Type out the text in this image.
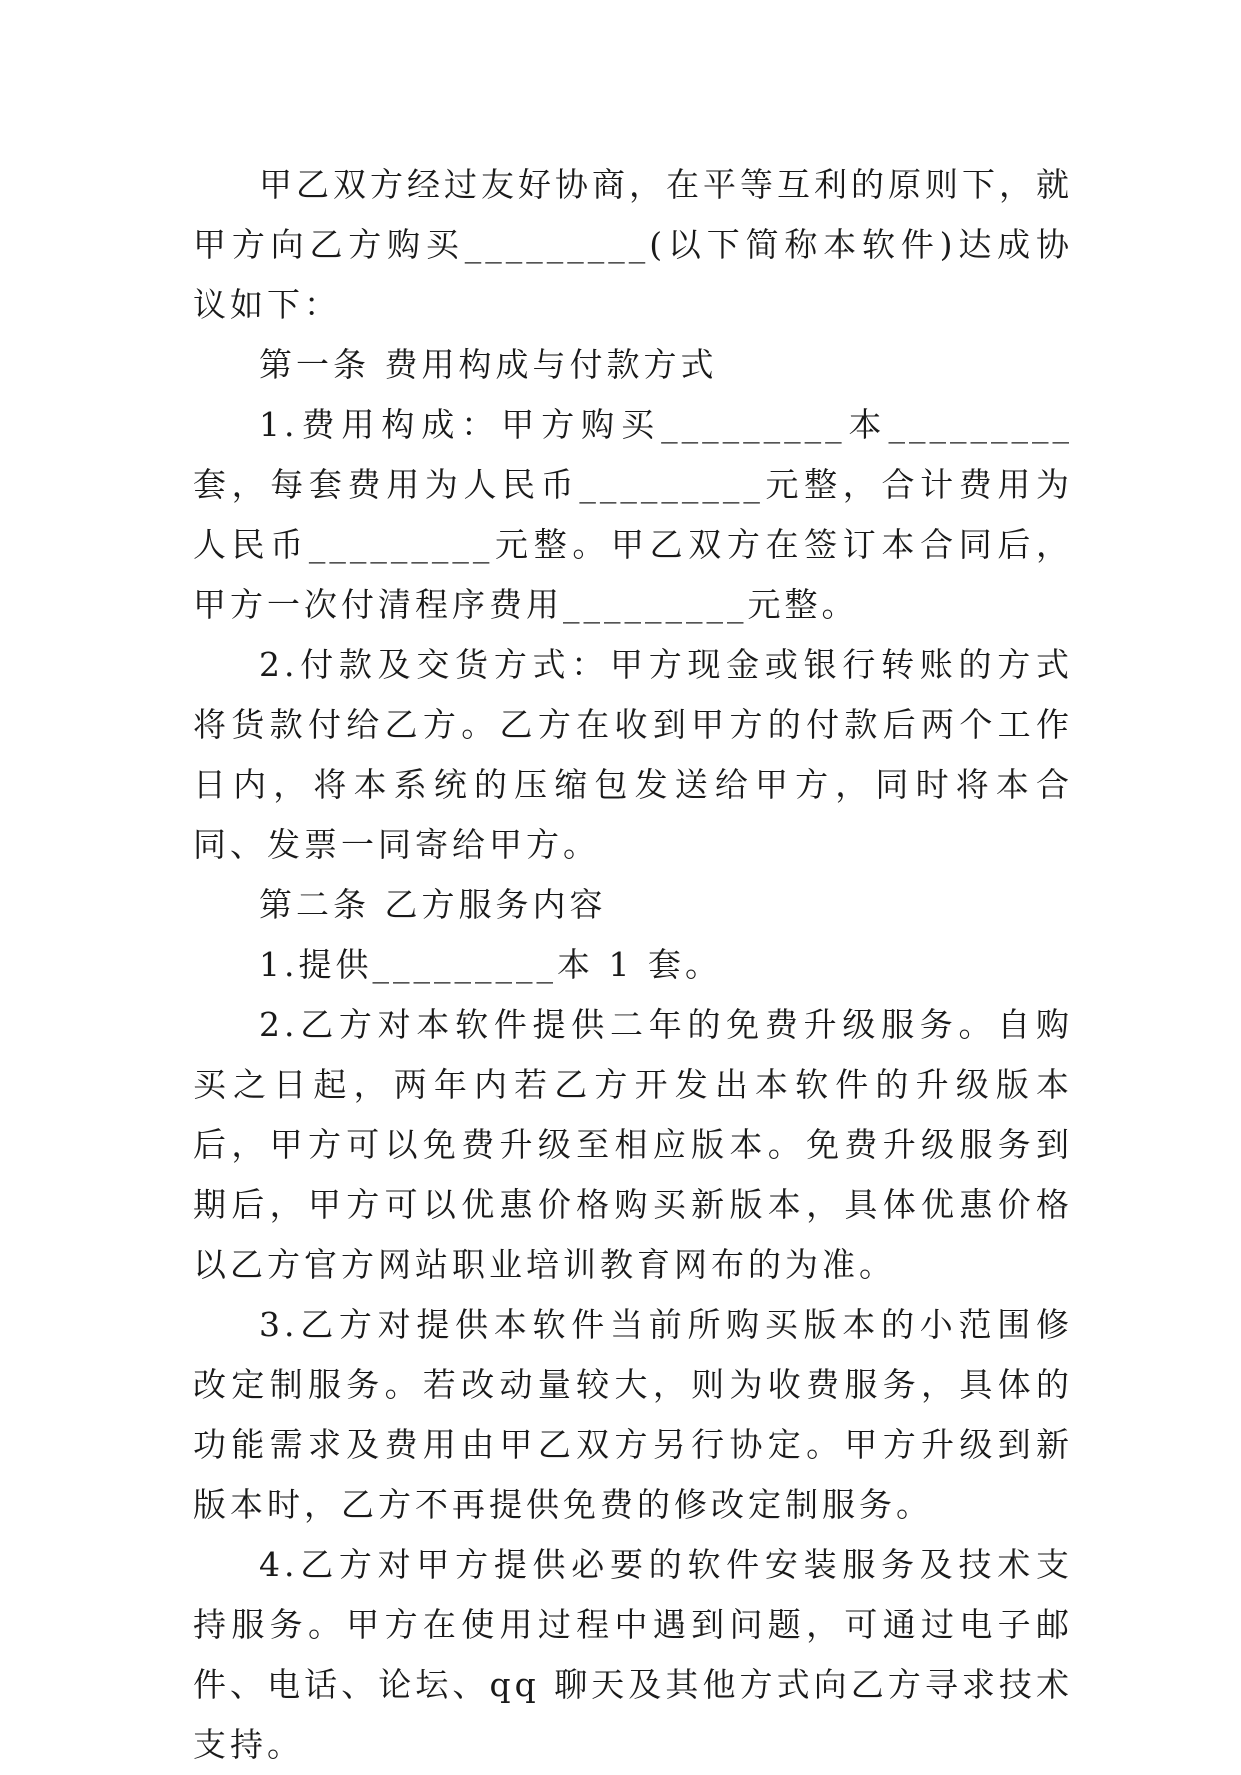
甲乙双方经过友好协商，在平等互利的原则下，就甲方向乙方购买_________(以下简称本软件)达成协议如下：

第一条 费用构成与付款方式

1.费用构成：甲方购买_________本_________套，每套费用为人民币_________元整，合计费用为人民币_________元整。甲乙双方在签订本合同后，甲方一次付清程序费用_________元整。

2.付款及交货方式：甲方现金或银行转账的方式将货款付给乙方。乙方在收到甲方的付款后两个工作日内，将本系统的压缩包发送给甲方，同时将本合同、发票一同寄给甲方。

第二条 乙方服务内容

1.提供_________本 1 套。

2.乙方对本软件提供二年的免费升级服务。自购买之日起，两年内若乙方开发出本软件的升级版本后，甲方可以免费升级至相应版本。免费升级服务到期后，甲方可以优惠价格购买新版本，具体优惠价格以乙方官方网站职业培训教育网布的为准。

3.乙方对提供本软件当前所购买版本的小范围修改定制服务。若改动量较大，则为收费服务，具体的功能需求及费用由甲乙双方另行协定。甲方升级到新版本时，乙方不再提供免费的修改定制服务。

4.乙方对甲方提供必要的软件安装服务及技术支持服务。甲方在使用过程中遇到问题，可通过电子邮件、电话、论坛、qq 聊天及其他方式向乙方寻求技术支持。
